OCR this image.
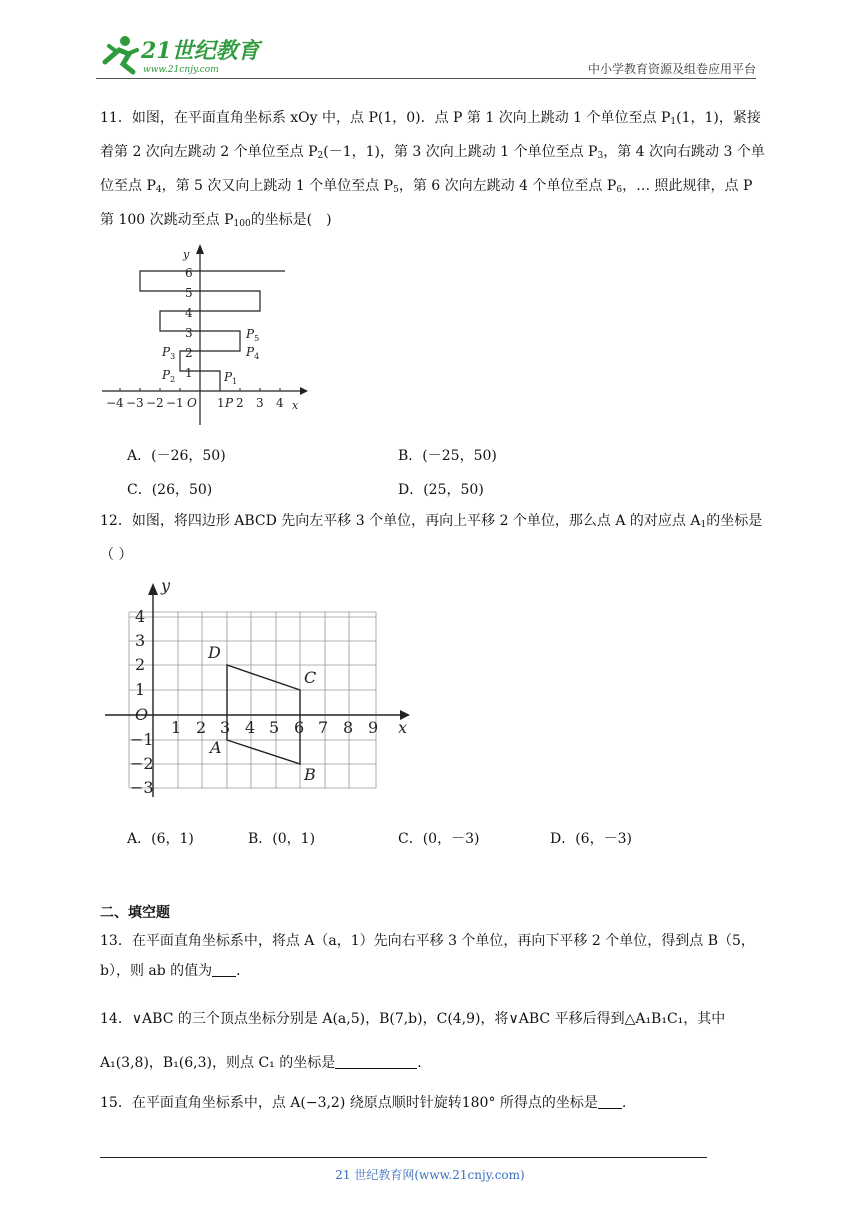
21世纪教育
www.21cnjy.com	中小学教育资源及组卷应用平台
11．如图，在平面直角坐标系 xOy 中，点 P(1，0)．点 P 第 1 次向上跳动 1 个单位至点 $P_1(1$，1)，紧接着第 2 次向左跳动 2 个单位至点 $P_2(-1$，1)，第 3 次向上跳动 1 个单位至点 $P_3$，第 4 次向右跳动 3 个单位至点 $P_4$，第 5 次又向上跳动 1 个单位至点 $P_5$，第 6 次向左跳动 4 个单位至点 $P_6$，… 照此规律，点 P 第 100 次跳动至点 $P_{100}$的坐标是(　)
−4 −3 −2 −1 O 1 P 2 3 4 x
1
2
3
4
5
6
y
$P_1$
$P_2$
$P_3$	$P_4$
$P_5$
A．(－26，50)	B．(－25，50)
C．(26，50)	D．(25，50)
12．如图，将四边形 ABCD 先向左平移 3 个单位，再向上平移 2 个单位，那么点 A 的对应点 $A_1$的坐标是（ ）
1 2 3 4 5 6 7 8 9 x
4
3
2
1
−1
−2
−3
O
y
A
B
C
D
A．(6，1)	B．(0，1)	C．(0，－3)	D．(6，－3)
二、填空题
13．在平面直角坐标系中，将点 A（a，1）先向右平移 3 个单位，再向下平移 2 个单位，得到点 B（5，
b），则 ab 的值为 .
14．∨ABC 的三个顶点坐标分别是 A(a,5)，B(7,b)，C(4,9)，将∨ABC 平移后得到△A₁B₁C₁，其中
A₁(3,8)，B₁(6,3)，则点 C₁ 的坐标是	.
15．在平面直角坐标系中，点 A(−3,2) 绕原点顺时针旋转180° 所得点的坐标是 .
21 世纪教育网(www.21cnjy.com)
